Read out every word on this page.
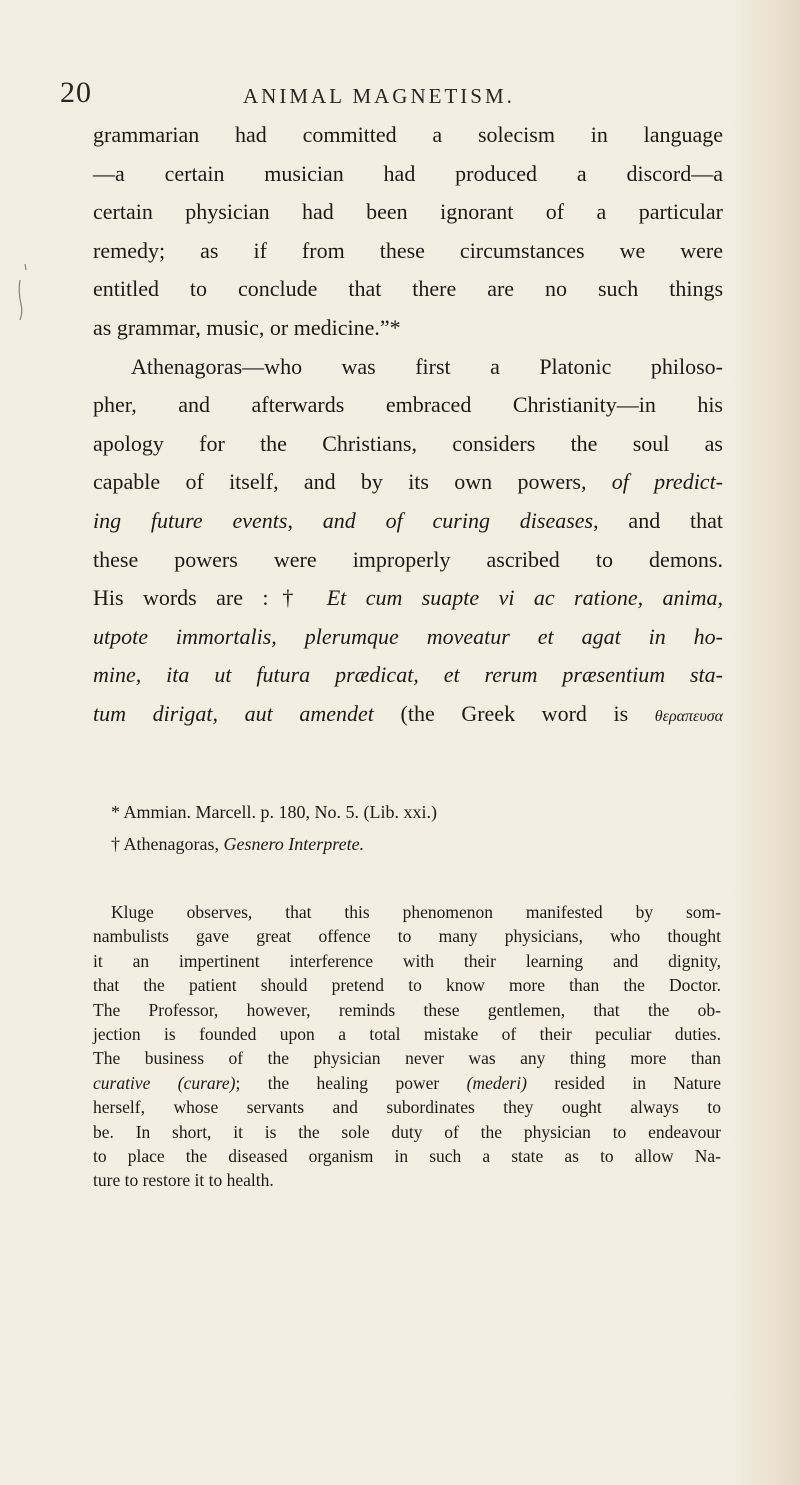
20	ANIMAL MAGNETISM.
grammarian had committed a solecism in language
—a certain musician had produced a discord—a
certain physician had been ignorant of a particular
remedy; as if from these circumstances we were
entitled to conclude that there are no such things
as grammar, music, or medicine.”*
Athenagoras—who was first a Platonic philoso-
pher, and afterwards embraced Christianity—in his
apology for the Christians, considers the soul as
capable of itself, and by its own powers, of predict-
ing future events, and of curing diseases, and that
these powers were improperly ascribed to demons.
His words are :† Et cum suapte vi ac ratione, anima,
utpote immortalis, plerumque moveatur et agat in ho-
mine, ita ut futura prædicat, et rerum præsentium sta-
tum dirigat, aut amendet (the Greek word is θεραπευσα
* Ammian. Marcell. p. 180, No. 5. (Lib. xxi.)
† Athenagoras, Gesnero Interprete.
Kluge observes, that this phenomenon manifested by som-
nambulists gave great offence to many physicians, who thought
it an impertinent interference with their learning and dignity,
that the patient should pretend to know more than the Doctor.
The Professor, however, reminds these gentlemen, that the ob-
jection is founded upon a total mistake of their peculiar duties.
The business of the physician never was any thing more than
curative (curare); the healing power (mederi) resided in Nature
herself, whose servants and subordinates they ought always to
be. In short, it is the sole duty of the physician to endeavour
to place the diseased organism in such a state as to allow Na-
ture to restore it to health.
